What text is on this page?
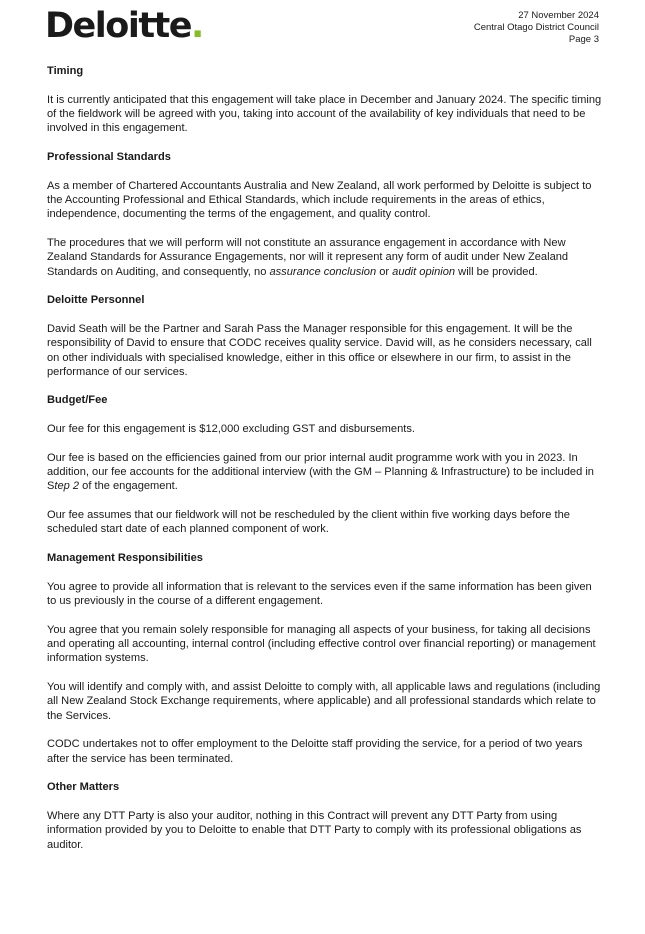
Deloitte.	27 November 2024
Central Otago District Council
Page 3
Timing

It is currently anticipated that this engagement will take place in December and January 2024. The specific timing of the fieldwork will be agreed with you, taking into account of the availability of key individuals that need to be involved in this engagement.

Professional Standards

As a member of Chartered Accountants Australia and New Zealand, all work performed by Deloitte is subject to the Accounting Professional and Ethical Standards, which include requirements in the areas of ethics, independence, documenting the terms of the engagement, and quality control.

The procedures that we will perform will not constitute an assurance engagement in accordance with New Zealand Standards for Assurance Engagements, nor will it represent any form of audit under New Zealand Standards on Auditing, and consequently, no assurance conclusion or audit opinion will be provided.

Deloitte Personnel

David Seath will be the Partner and Sarah Pass the Manager responsible for this engagement. It will be the responsibility of David to ensure that CODC receives quality service. David will, as he considers necessary, call on other individuals with specialised knowledge, either in this office or elsewhere in our firm, to assist in the performance of our services.

Budget/Fee

Our fee for this engagement is $12,000 excluding GST and disbursements.

Our fee is based on the efficiencies gained from our prior internal audit programme work with you in 2023. In addition, our fee accounts for the additional interview (with the GM – Planning & Infrastructure) to be included in Step 2 of the engagement.

Our fee assumes that our fieldwork will not be rescheduled by the client within five working days before the scheduled start date of each planned component of work.

Management Responsibilities

You agree to provide all information that is relevant to the services even if the same information has been given to us previously in the course of a different engagement.

You agree that you remain solely responsible for managing all aspects of your business, for taking all decisions and operating all accounting, internal control (including effective control over financial reporting) or management information systems.

You will identify and comply with, and assist Deloitte to comply with, all applicable laws and regulations (including all New Zealand Stock Exchange requirements, where applicable) and all professional standards which relate to the Services.

CODC undertakes not to offer employment to the Deloitte staff providing the service, for a period of two years after the service has been terminated.

Other Matters

Where any DTT Party is also your auditor, nothing in this Contract will prevent any DTT Party from using information provided by you to Deloitte to enable that DTT Party to comply with its professional obligations as auditor.
